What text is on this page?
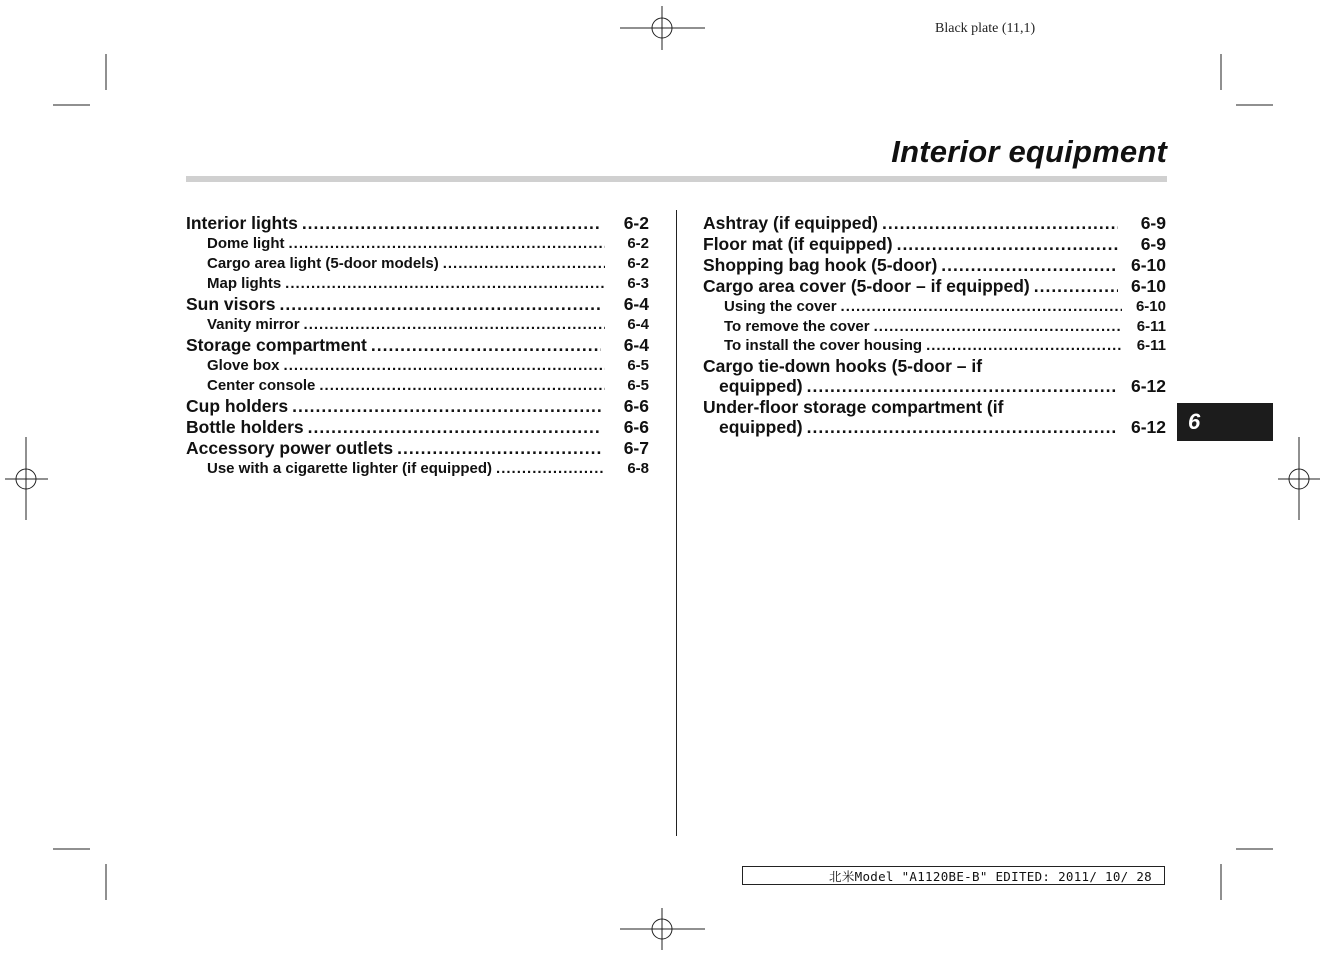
Black plate (11,1)
Interior equipment
Interior lights .....	6-2
Dome light .....	6-2
Cargo area light (5-door models) .....	6-2
Map lights .....	6-3
Sun visors .....	6-4
Vanity mirror .....	6-4
Storage compartment .....	6-4
Glove box .....	6-5
Center console .....	6-5
Cup holders .....	6-6
Bottle holders .....	6-6
Accessory power outlets .....	6-7
Use with a cigarette lighter (if equipped) .....	6-8
Ashtray (if equipped) .....	6-9
Floor mat (if equipped) .....	6-9
Shopping bag hook (5-door) .....	6-10
Cargo area cover (5-door – if equipped) .....	6-10
Using the cover .....	6-10
To remove the cover .....	6-11
To install the cover housing .....	6-11
Cargo tie-down hooks (5-door – if
equipped) .....	6-12
Under-floor storage compartment (if
equipped) .....	6-12	6
北米Model "A1120BE-B" EDITED: 2011/ 10/ 28
